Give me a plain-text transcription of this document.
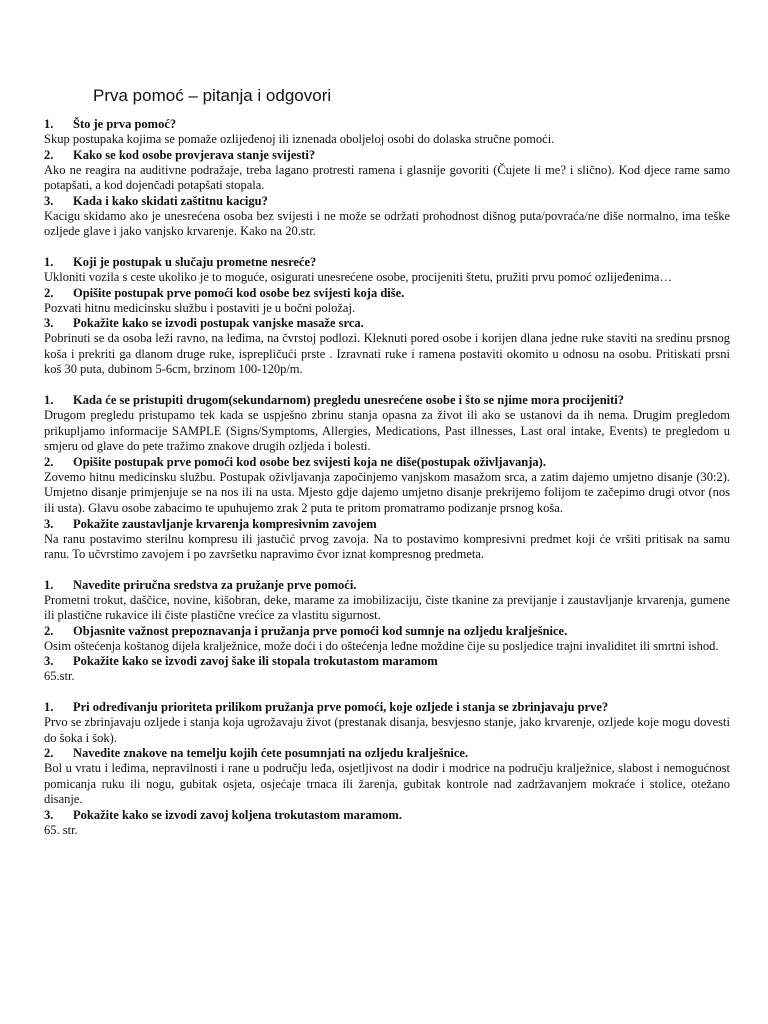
Prva pomoć – pitanja i odgovori
1.	Što je prva pomoć?
Skup postupaka kojima se pomaže ozlijeđenoj ili iznenada oboljeloj osobi do dolaska stručne pomoći.
2.	Kako se kod osobe provjerava stanje svijesti?
Ako ne reagira na auditivne podražaje, treba lagano protresti ramena i glasnije govoriti (Čujete li me? i slično). Kod djece rame samo potapšati, a kod dojenčadi potapšati stopala.
3.	Kada i kako skidati zaštitnu kacigu?
Kacigu skidamo ako je unesrećena osoba bez svijesti i ne može se održati prohodnost dišnog puta/povraća/ne diše normalno, ima teške ozljede glave i jako vanjsko krvarenje. Kako na 20.str.
1.	Koji je postupak u slučaju prometne nesreće?
Ukloniti vozila s ceste ukoliko je to moguće, osigurati unesrećene osobe, procijeniti štetu, pružiti prvu pomoć ozlijeđenima…
2.	Opišite postupak prve pomoći kod osobe bez svijesti koja diše.
Pozvati hitnu medicinsku službu i postaviti je u bočni položaj.
3.	Pokažite kako se izvodi postupak vanjske masaže srca.
Pobrinuti se da osoba leži ravno, na leđima, na čvrstoj podlozi. Kleknuti pored osobe i korijen dlana jedne ruke staviti na sredinu prsnog koša i prekriti ga dlanom druge ruke, isprepličući prste . Izravnati ruke i ramena postaviti okomito u odnosu na osobu. Pritiskati prsni koš 30 puta, dubinom 5-6cm, brzinom 100-120p/m.
1.	Kada će se pristupiti drugom(sekundarnom) pregledu unesrećene osobe i što se njime mora procijeniti?
Drugom pregledu pristupamo tek kada se uspješno zbrinu stanja opasna za život ili ako se ustanovi da ih nema. Drugim pregledom prikupljamo informacije SAMPLE (Signs/Symptoms, Allergies, Medications, Past illnesses, Last oral intake, Events) te pregledom u smjeru od glave do pete tražimo znakove drugih ozljeda i bolesti.
2.	Opišite postupak prve pomoći kod osobe bez svijesti koja ne diše(postupak oživljavanja).
Zovemo hitnu medicinsku službu. Postupak oživljavanja započinjemo vanjskom masažom srca, a zatim dajemo umjetno disanje (30:2). Umjetno disanje primjenjuje se na nos ili na usta. Mjesto gdje dajemo umjetno disanje prekrijemo folijom te začepimo drugi otvor (nos ili usta). Glavu osobe zabacimo te upuhujemo zrak 2 puta te pritom promatramo podizanje prsnog koša.
3.	Pokažite zaustavljanje krvarenja kompresivnim zavojem
Na ranu postavimo sterilnu kompresu ili jastučić prvog zavoja. Na to postavimo kompresivni predmet koji će vršiti pritisak na samu ranu. To učvrstimo zavojem i po završetku napravimo čvor iznat kompresnog predmeta.
1.	Navedite priručna sredstva za pružanje prve pomoći.
Prometni trokut, daščice, novine, kišobran, deke, marame za imobilizaciju, čiste tkanine za previjanje i zaustavljanje krvarenja, gumene ili plastične rukavice ili čiste plastične vrećice za vlastitu sigurnost.
2.	Objasnite važnost prepoznavanja i pružanja prve pomoći kod sumnje na ozljedu kralješnice.
Osim oštećenja koštanog dijela kralježnice, može doći i do oštećenja leđne moždine čije su posljedice trajni invaliditet ili smrtni ishod.
3.	Pokažite kako se izvodi zavoj šake ili stopala trokutastom maramom
65.str.
1.	Pri određivanju prioriteta prilikom pružanja prve pomoći, koje ozljede i stanja se zbrinjavaju prve?
Prvo se zbrinjavaju ozljede i stanja koja ugrožavaju život (prestanak disanja, besvjesno stanje, jako krvarenje, ozljede koje mogu dovesti do šoka i šok).
2.	Navedite znakove na temelju kojih ćete posumnjati na ozljedu kralješnice.
Bol u vratu i leđima, nepravilnosti i rane u području leđa, osjetljivost na dodir i modrice na području kralježnice, slabost i nemogućnost pomicanja ruku ili nogu, gubitak osjeta, osjećaje trnaca ili žarenja, gubitak kontrole nad zadržavanjem mokraće i stolice, otežano disanje.
3.	Pokažite kako se izvodi zavoj koljena trokutastom maramom.
65. str.
